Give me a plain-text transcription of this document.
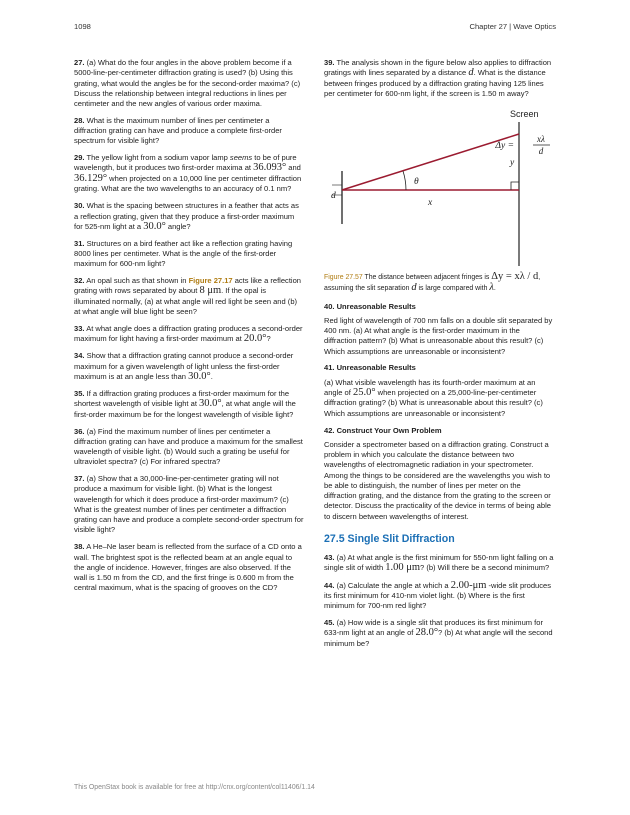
1098	Chapter 27 | Wave Optics

27. (a) What do the four angles in the above problem become if a 5000-line-per-centimeter diffraction grating is used? (b) Using this grating, what would the angles be for the second-order maxima? (c) Discuss the relationship between integral reductions in lines per centimeter and the new angles of various order maxima.

28. What is the maximum number of lines per centimeter a diffraction grating can have and produce a complete first-order spectrum for visible light?

29. The yellow light from a sodium vapor lamp seems to be of pure wavelength, but it produces two first-order maxima at 36.093° and 36.129° when projected on a 10,000 line per centimeter diffraction grating. What are the two wavelengths to an accuracy of 0.1 nm?

30. What is the spacing between structures in a feather that acts as a reflection grating, given that they produce a first-order maximum for 525-nm light at a 30.0° angle?

31. Structures on a bird feather act like a reflection grating having 8000 lines per centimeter. What is the angle of the first-order maximum for 600-nm light?

32. An opal such as that shown in Figure 27.17 acts like a reflection grating with rows separated by about 8 μm. If the opal is illuminated normally, (a) at what angle will red light be seen and (b) at what angle will blue light be seen?

33. At what angle does a diffraction grating produces a second-order maximum for light having a first-order maximum at 20.0°?

34. Show that a diffraction grating cannot produce a second-order maximum for a given wavelength of light unless the first-order maximum is at an angle less than 30.0°.

35. If a diffraction grating produces a first-order maximum for the shortest wavelength of visible light at 30.0°, at what angle will the first-order maximum be for the longest wavelength of visible light?

36. (a) Find the maximum number of lines per centimeter a diffraction grating can have and produce a maximum for the smallest wavelength of visible light. (b) Would such a grating be useful for ultraviolet spectra? (c) For infrared spectra?

37. (a) Show that a 30,000-line-per-centimeter grating will not produce a maximum for visible light. (b) What is the longest wavelength for which it does produce a first-order maximum? (c) What is the greatest number of lines per centimeter a diffraction grating can have and produce a complete second-order spectrum for visible light?

38. A He–Ne laser beam is reflected from the surface of a CD onto a wall. The brightest spot is the reflected beam at an angle equal to the angle of incidence. However, fringes are also observed. If the wall is 1.50 m from the CD, and the first fringe is 0.600 m from the central maximum, what is the spacing of grooves on the CD?

39. The analysis shown in the figure below also applies to diffraction gratings with lines separated by a distance d. What is the distance between fringes produced by a diffraction grating having 125 lines per centimeter for 600-nm light, if the screen is 1.50 m away?

Screen
Δy =
xλ
d
y
d
θ
x
Figure 27.57 The distance between adjacent fringes is Δy = xλ / d, assuming the slit separation d is large compared with λ.
40. Unreasonable Results

Red light of wavelength of 700 nm falls on a double slit separated by 400 nm. (a) At what angle is the first-order maximum in the diffraction pattern? (b) What is unreasonable about this result? (c) Which assumptions are unreasonable or inconsistent?

41. Unreasonable Results

(a) What visible wavelength has its fourth-order maximum at an angle of 25.0° when projected on a 25,000-line-per-centimeter diffraction grating? (b) What is unreasonable about this result? (c) Which assumptions are unreasonable or inconsistent?

42. Construct Your Own Problem

Consider a spectrometer based on a diffraction grating. Construct a problem in which you calculate the distance between two wavelengths of electromagnetic radiation in your spectrometer. Among the things to be considered are the wavelengths you wish to be able to distinguish, the number of lines per meter on the diffraction grating, and the distance from the grating to the screen or detector. Discuss the practicality of the device in terms of being able to discern between wavelengths of interest.

27.5 Single Slit Diffraction

43. (a) At what angle is the first minimum for 550-nm light falling on a single slit of width 1.00 μm? (b) Will there be a second minimum?

44. (a) Calculate the angle at which a 2.00-μm -wide slit produces its first minimum for 410-nm violet light. (b) Where is the first minimum for 700-nm red light?

45. (a) How wide is a single slit that produces its first minimum for 633-nm light at an angle of 28.0°? (b) At what angle will the second minimum be?

This OpenStax book is available for free at http://cnx.org/content/col11406/1.14
